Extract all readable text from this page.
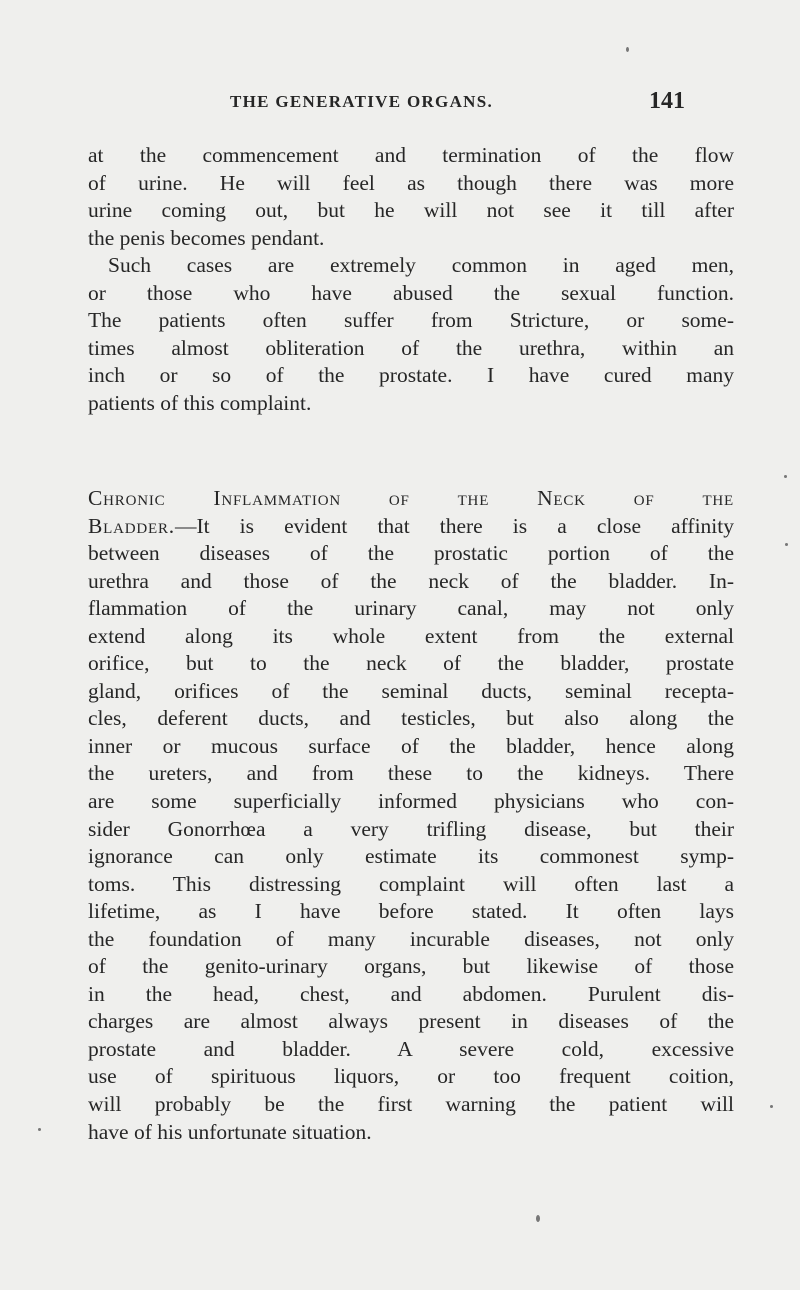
THE GENERATIVE ORGANS.	141
at the commencement and termination of the flow
of urine. He will feel as though there was more
urine coming out, but he will not see it till after
the penis becomes pendant.
Such cases are extremely common in aged men,
or those who have abused the sexual function.
The patients often suffer from Stricture, or some-
times almost obliteration of the urethra, within an
inch or so of the prostate. I have cured many
patients of this complaint.
Chronic Inflammation of the Neck of the
Bladder.—It is evident that there is a close affinity
between diseases of the prostatic portion of the
urethra and those of the neck of the bladder. In-
flammation of the urinary canal, may not only
extend along its whole extent from the external
orifice, but to the neck of the bladder, prostate
gland, orifices of the seminal ducts, seminal recepta-
cles, deferent ducts, and testicles, but also along the
inner or mucous surface of the bladder, hence along
the ureters, and from these to the kidneys. There
are some superficially informed physicians who con-
sider Gonorrhœa a very trifling disease, but their
ignorance can only estimate its commonest symp-
toms. This distressing complaint will often last a
lifetime, as I have before stated. It often lays
the foundation of many incurable diseases, not only
of the genito-urinary organs, but likewise of those
in the head, chest, and abdomen. Purulent dis-
charges are almost always present in diseases of the
prostate and bladder. A severe cold, excessive
use of spirituous liquors, or too frequent coition,
will probably be the first warning the patient will
have of his unfortunate situation.
